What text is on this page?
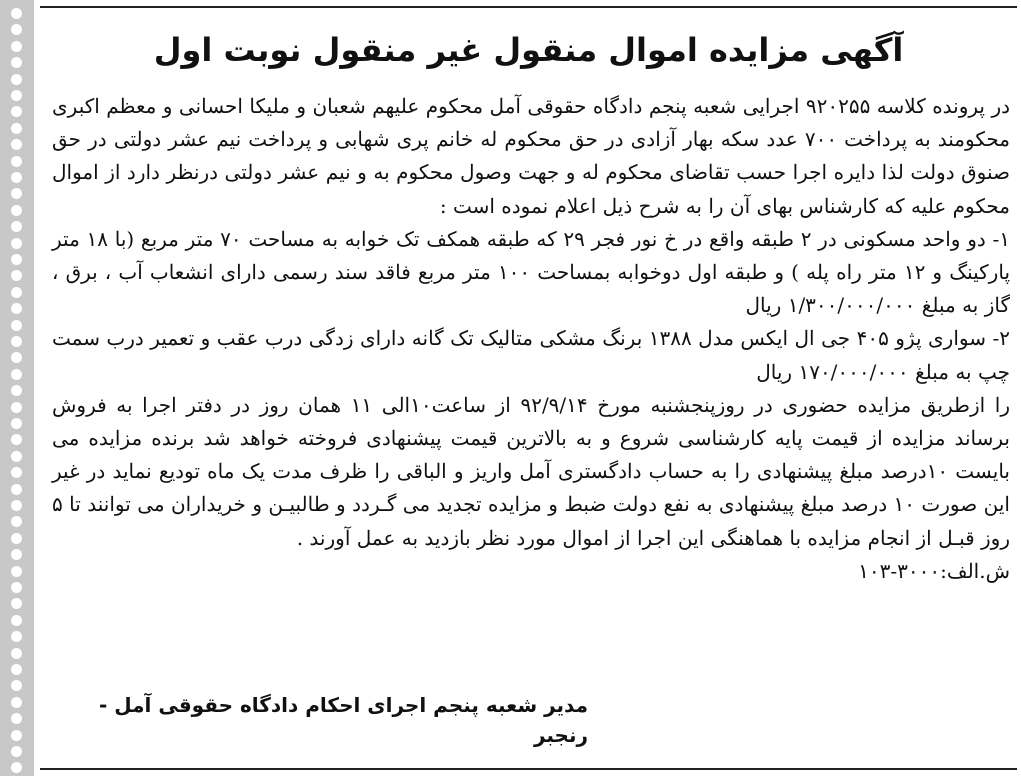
آگهی مزایده اموال منقول غیر منقول نوبت اول

در پرونده کلاسه ۹۲۰۲۵۵ اجرایی شعبه پنجم دادگاه حقوقی آمل محکوم علیهم شعبان و ملیکا احسانی و معظم اکبری محکومند به پرداخت ۷۰۰ عدد سکه بهار آزادی در حق محکوم له خانم پری شهابی و پرداخت نیم عشر دولتی در حق صنوق دولت لذا دایره اجرا حسب تقاضای محکوم له و جهت وصول محکوم به و نیم عشر دولتی درنظر دارد از اموال محکوم علیه که کارشناس بهای آن را به شرح ذیل اعلام نموده است :

۱- دو واحد مسکونی در ۲ طبقه واقع در خ نور فجر ۲۹ که طبقه همکف تک خوابه به مساحت ۷۰ متر مربع (با ۱۸ متر پارکینگ و ۱۲ متر راه پله ) و طبقه اول دوخوابه بمساحت ۱۰۰ متر مربع فاقد سند رسمی دارای انشعاب آب ، برق ، گاز به مبلغ ۱/۳۰۰/۰۰۰/۰۰۰ ریال

۲- سواری پژو ۴۰۵ جی ال ایکس مدل ۱۳۸۸ برنگ مشکی متالیک تک گانه دارای زدگی درب عقب و تعمیر درب سمت چپ به مبلغ ۱۷۰/۰۰۰/۰۰۰ ریال

را ازطریق مزایده حضوری در روزپنجشنبه مورخ ۹۲/۹/۱۴ از ساعت۱۰الی ۱۱ همان روز در دفتر اجرا به فروش برساند مزایده از قیمت پایه کارشناسی شروع و به بالاترین قیمت پیشنهادی فروخته خواهد شد برنده مزایده می بایست ۱۰درصد مبلغ پیشنهادی را به حساب دادگستری آمل واریز و الباقی را ظرف مدت یک ماه توديع نماید در غیر این صورت ۱۰ درصد مبلغ پیشنهادی به نفع دولت ضبط و مزایده تجدید می گـردد و طالبیـن و خریداران می توانند تا ۵ روز قبـل از انجام مزایده با هماهنگی این اجرا از اموال مورد نظر بازدید به عمل آورند .

ش.الف:۳۰۰۰-۱۰۳

مدیر شعبه پنجم اجرای احکام دادگاه حقوقی آمل - رنجبر
